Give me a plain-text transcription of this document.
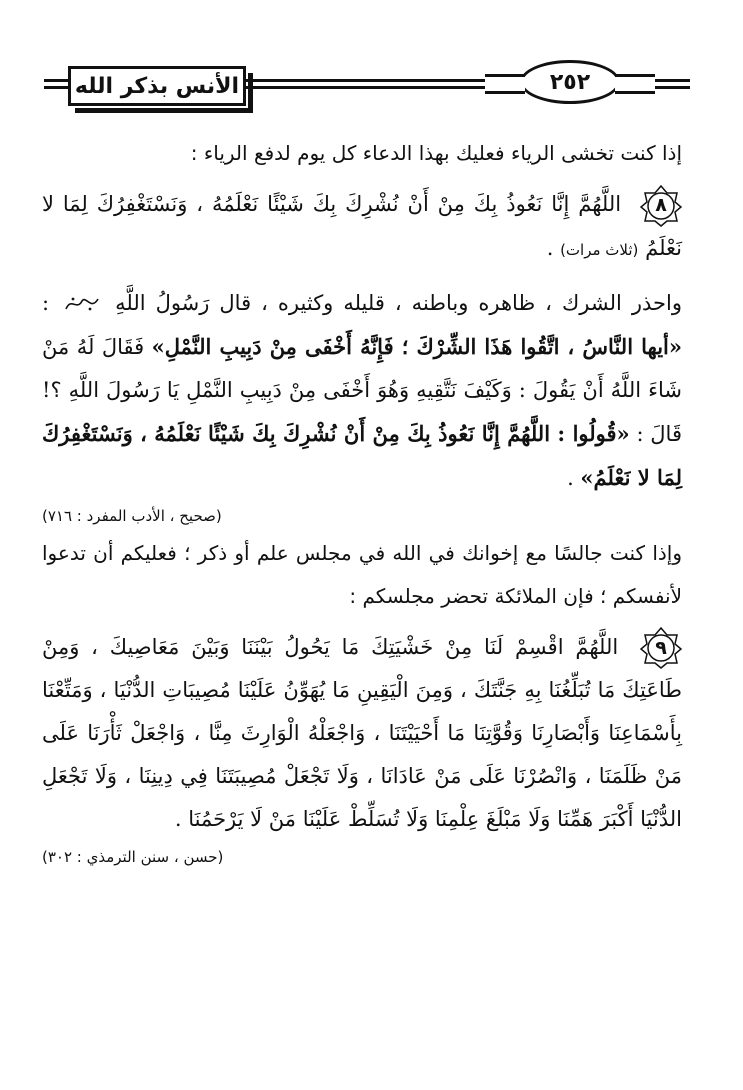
الأنس بذكر الله	٢٥٢

إذا كنت تخشى الرياء فعليك بهذا الدعاء كل يوم لدفع الرياء :

٨
اللَّهُمَّ إِنَّا نَعُوذُ بِكَ مِنْ أَنْ نُشْرِكَ بِكَ شَيْئًا نَعْلَمُهُ ، وَنَسْتَغْفِرُكَ لِمَا لا نَعْلَمُ (ثلاث مرات) .

واحذر الشرك ، ظاهره وباطنه ، قليله وكثيره ، قال رَسُولُ اللَّهِ  : «أيها النَّاسُ ، اتَّقُوا هَذَا الشِّرْكَ ؛ فَإِنَّهُ أَخْفَى مِنْ دَبِيبِ النَّمْلِ» فَقَالَ لَهُ مَنْ شَاءَ اللَّهُ أَنْ يَقُولَ : وَكَيْفَ نَتَّقِيهِ وَهُوَ أَخْفَى مِنْ دَبِيبِ النَّمْلِ يَا رَسُولَ اللَّهِ ؟! قَالَ : «قُولُوا : اللَّهُمَّ إِنَّا نَعُوذُ بِكَ مِنْ أَنْ نُشْرِكَ بِكَ شَيْئًا نَعْلَمُهُ ، وَنَسْتَغْفِرُكَ لِمَا لا نَعْلَمُ» .

(صحيح ، الأدب المفرد : ٧١٦)

وإذا كنت جالسًا مع إخوانك في الله في مجلس علم أو ذكر ؛ فعليكم أن تدعوا لأنفسكم ؛ فإن الملائكة تحضر مجلسكم :

٩
اللَّهُمَّ اقْسِمْ لَنَا مِنْ خَشْيَتِكَ مَا يَحُولُ بَيْنَنَا وَبَيْنَ مَعَاصِيكَ ، وَمِنْ طَاعَتِكَ مَا تُبَلِّغُنَا بِهِ جَنَّتَكَ ، وَمِنَ الْيَقِينِ مَا يُهَوِّنُ عَلَيْنَا مُصِيبَاتِ الدُّنْيَا ، وَمَتِّعْنَا بِأَسْمَاعِنَا وَأَبْصَارِنَا وَقُوَّتِنَا مَا أَحْيَيْتَنَا ، وَاجْعَلْهُ الْوَارِثَ مِنَّا ، وَاجْعَلْ ثَأْرَنَا عَلَى مَنْ ظَلَمَنَا ، وَانْصُرْنَا عَلَى مَنْ عَادَانَا ، وَلَا تَجْعَلْ مُصِيبَتَنَا فِي دِينِنَا ، وَلَا تَجْعَلِ الدُّنْيَا أَكْبَرَ هَمِّنَا وَلَا مَبْلَغَ عِلْمِنَا وَلَا تُسَلِّطْ عَلَيْنَا مَنْ لَا يَرْحَمُنَا .

(حسن ، سنن الترمذي : ٣٠٢)
